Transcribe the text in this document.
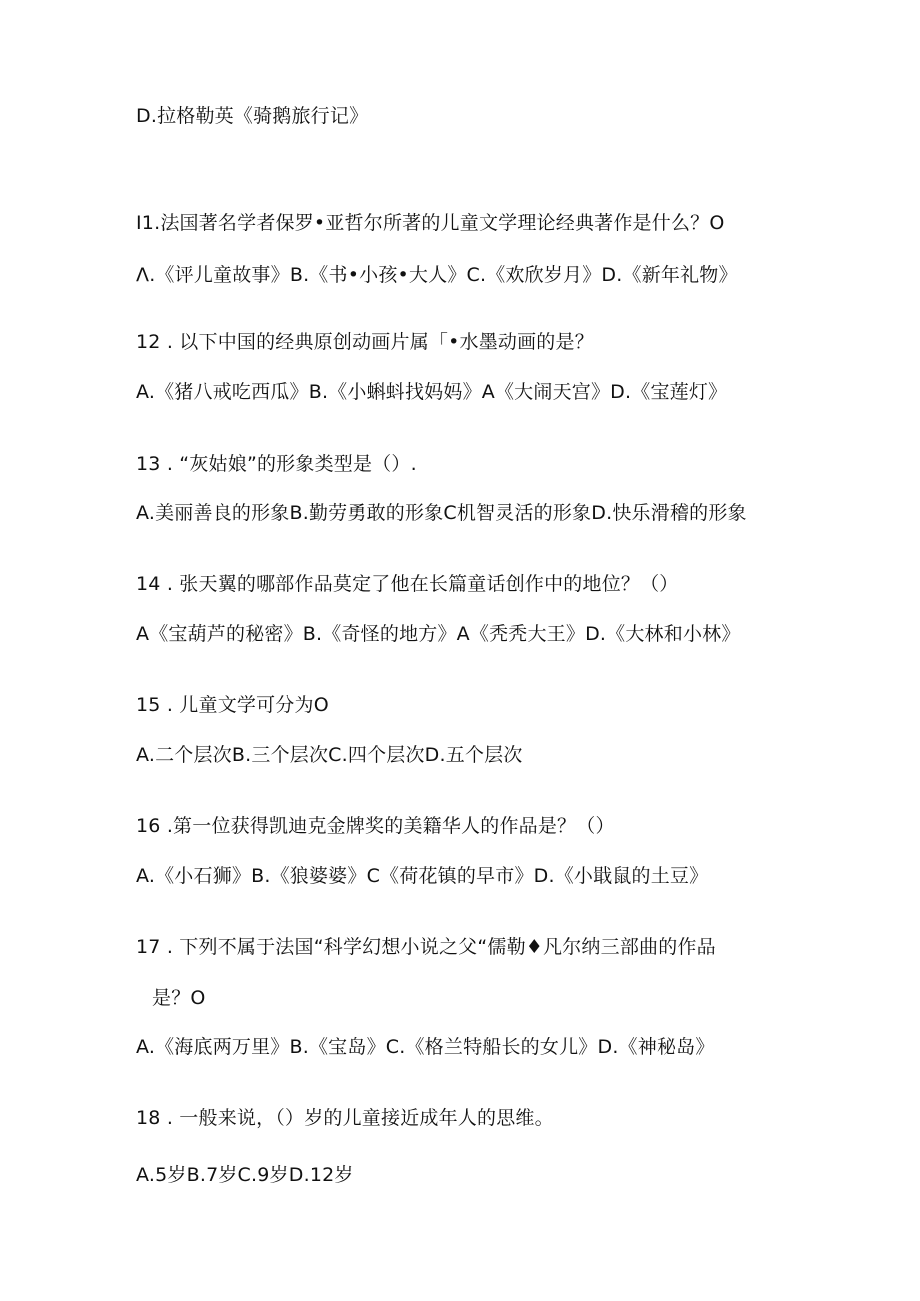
D.拉格勒英《骑鹅旅行记》
I1.法国著名学者保罗•亚哲尔所著的儿童文学理论经典著作是什么？O
Λ.《评儿童故事》B.《书•小孩•大人》C.《欢欣岁月》D.《新年礼物》
12 . 以下中国的经典原创动画片属「•水墨动画的是？
A.《猪八戒吃西瓜》B.《小蝌蚪找妈妈》A《大闹天宫》D.《宝莲灯》
13 . “灰姑娘”的形象类型是（）.
A.美丽善良的形象B.勤劳勇敢的形象C机智灵活的形象D.快乐滑稽的形象
14 . 张天翼的哪部作品莫定了他在长篇童话创作中的地位？（）
A《宝葫芦的秘密》B.《奇怪的地方》A《秃秃大王》D.《大林和小林》
15 . 儿童文学可分为O
A.二个层次B.三个层次C.四个层次D.五个层次
16 .第一位获得凯迪克金牌奖的美籍华人的作品是？（）
A.《小石狮》B.《狼婆婆》C《荷花镇的早市》D.《小戢鼠的土豆》
17 . 下列不属于法国“科学幻想小说之父“儒勒♦凡尔纳三部曲的作品
是？O
A.《海底两万里》B.《宝岛》C.《格兰特船长的女儿》D.《神秘岛》
18 . 一般来说，（）岁的儿童接近成年人的思维。
A.5岁B.7岁C.9岁D.12岁
